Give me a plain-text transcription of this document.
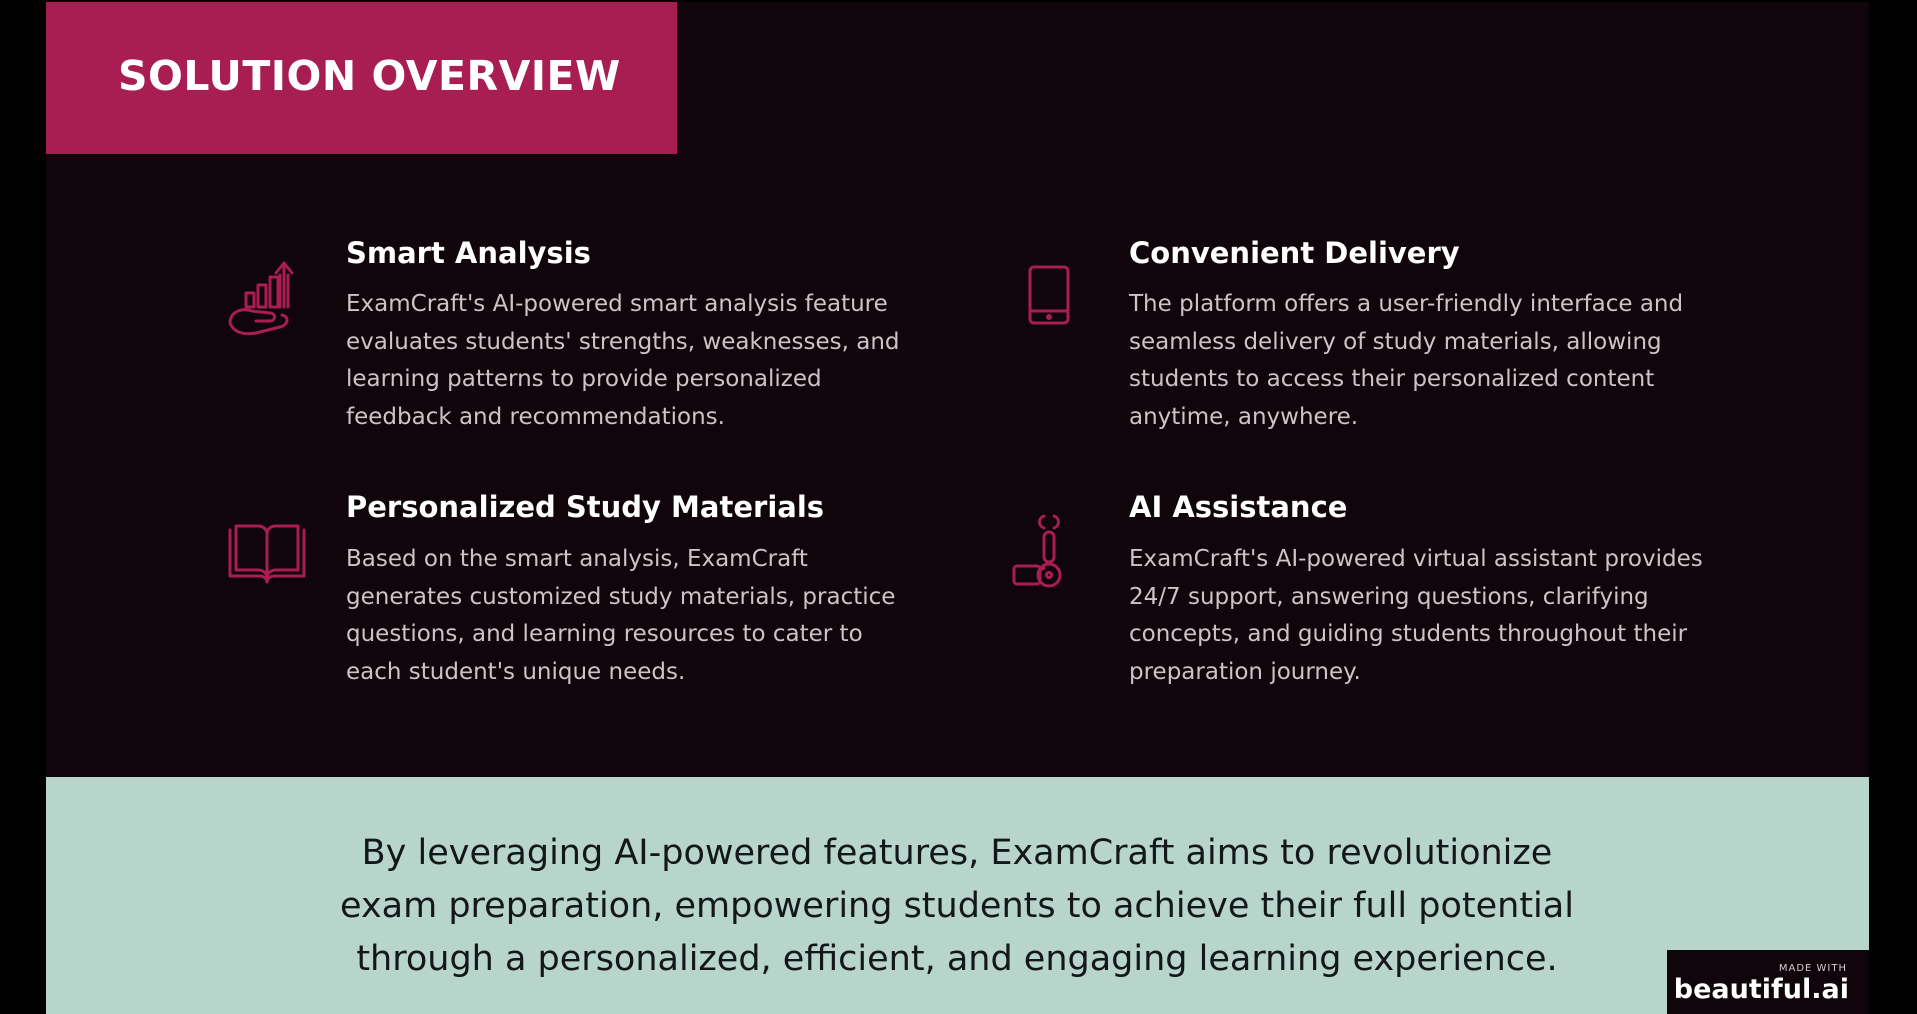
SOLUTION OVERVIEW
Smart Analysis

ExamCraft's AI-powered smart analysis feature evaluates students' strengths, weaknesses, and learning patterns to provide personalized feedback and recommendations.

Convenient Delivery

The platform offers a user-friendly interface and seamless delivery of study materials, allowing students to access their personalized content anytime, anywhere.

Personalized Study Materials

Based on the smart analysis, ExamCraft generates customized study materials, practice questions, and learning resources to cater to each student's unique needs.

AI Assistance

ExamCraft's AI-powered virtual assistant provides 24/7 support, answering questions, clarifying concepts, and guiding students throughout their preparation journey.

By leveraging AI-powered features, ExamCraft aims to revolutionize exam preparation, empowering students to achieve their full potential through a personalized, efficient, and engaging learning experience.	MADE WITH
beautiful.ai
